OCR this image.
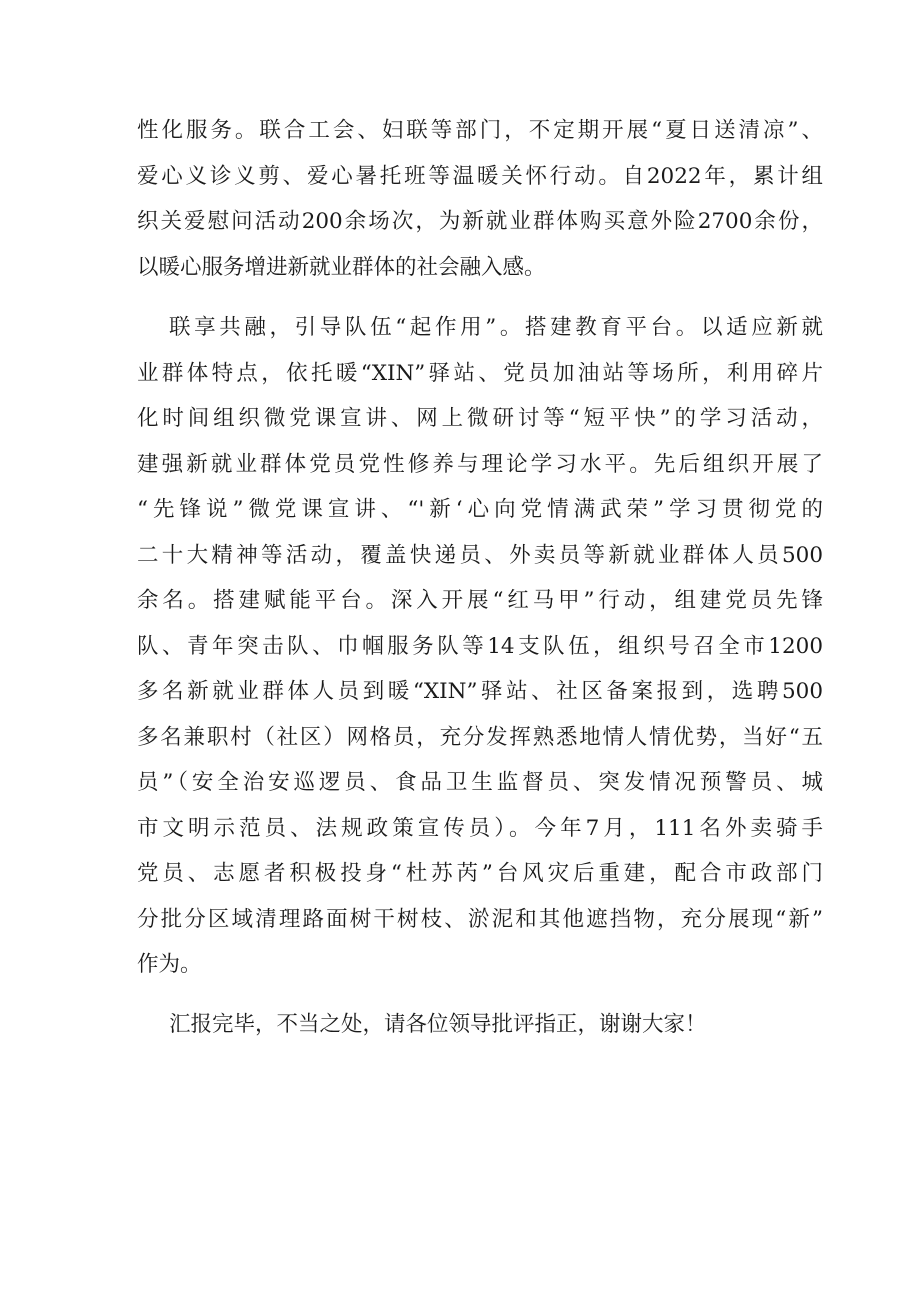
性化服务。联合工会、妇联等部门，不定期开展“夏日送清凉”、
爱心义诊义剪、爱心暑托班等温暖关怀行动。自2022年，累计组
织关爱慰问活动200余场次，为新就业群体购买意外险2700余份，
以暖心服务增进新就业群体的社会融入感。
联享共融，引导队伍“起作用”。搭建教育平台。以适应新就
业群体特点，依托暖“XIN”驿站、党员加油站等场所，利用碎片
化时间组织微党课宣讲、网上微研讨等“短平快”的学习活动，
建强新就业群体党员党性修养与理论学习水平。先后组织开展了
“先锋说”微党课宣讲、“'新‘心向党情满武荣”学习贯彻党的
二十大精神等活动，覆盖快递员、外卖员等新就业群体人员500
余名。搭建赋能平台。深入开展“红马甲”行动，组建党员先锋
队、青年突击队、巾帼服务队等14支队伍，组织号召全市1200
多名新就业群体人员到暖“XIN”驿站、社区备案报到，选聘500
多名兼职村（社区）网格员，充分发挥熟悉地情人情优势，当好“五
员”（安全治安巡逻员、食品卫生监督员、突发情况预警员、城
市文明示范员、法规政策宣传员）。今年7月，111名外卖骑手
党员、志愿者积极投身“杜苏芮”台风灾后重建，配合市政部门
分批分区域清理路面树干树枝、淤泥和其他遮挡物，充分展现“新”
作为。
汇报完毕，不当之处，请各位领导批评指正，谢谢大家！
